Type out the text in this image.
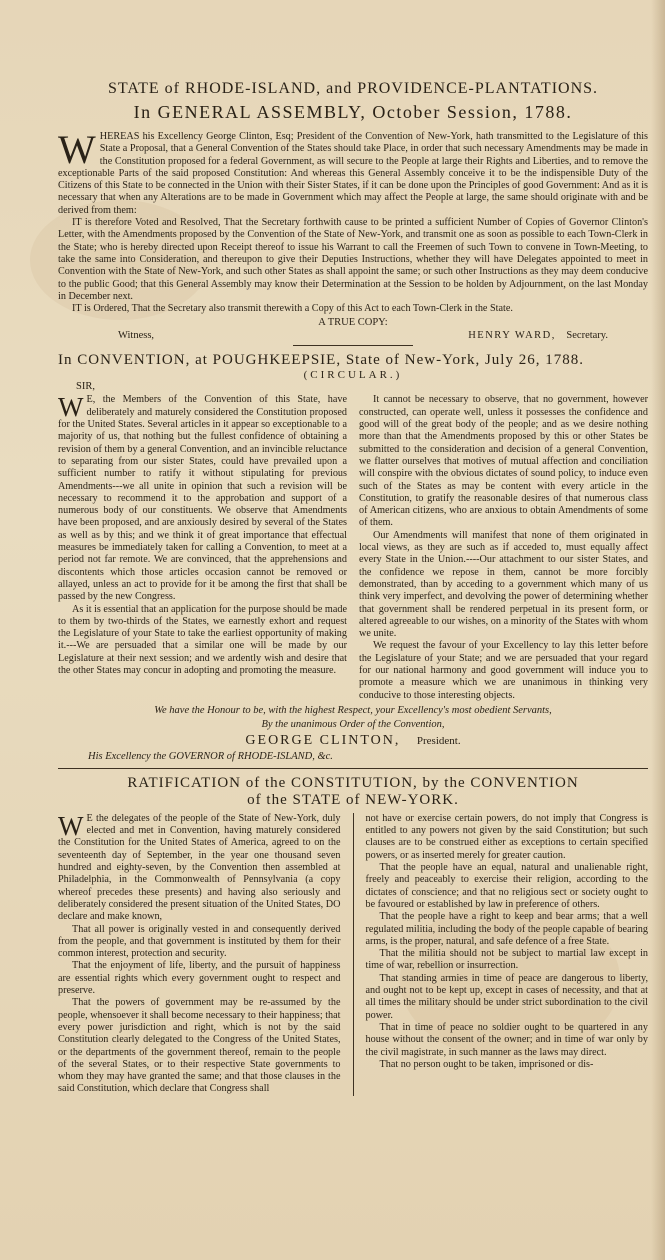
STATE of RHODE-ISLAND, and PROVIDENCE-PLANTATIONS.
In GENERAL ASSEMBLY, October Session, 1788.
W HEREAS his Excellency George Clinton, Esq; President of the Convention of New-York, hath transmitted to the Legislature of this State a Proposal, that a General Convention of the States should take Place, in order that such necessary Amendments may be made in the Constitution proposed for a federal Government, as will secure to the People at large their Rights and Liberties, and to remove the exceptionable Parts of the said proposed Constitution: And whereas this General Assembly conceive it to be the indispensible Duty of the Citizens of this State to be connected in the Union with their Sister States, if it can be done upon the Principles of good Government: And as it is necessary that when any Alterations are to be made in Government which may affect the People at large, the same should originate with and be derived from them:

IT is therefore Voted and Resolved, That the Secretary forthwith cause to be printed a sufficient Number of Copies of Governor Clinton's Letter, with the Amendments proposed by the Convention of the State of New-York, and transmit one as soon as possible to each Town-Clerk in the State; who is hereby directed upon Receipt thereof to issue his Warrant to call the Freemen of such Town to convene in Town-Meeting, to take the same into Consideration, and thereupon to give their Deputies Instructions, whether they will have Delegates appointed to meet in Convention with the State of New-York, and such other States as shall appoint the same; or such other Instructions as they may deem conducive to the public Good; that this General Assembly may know their Determination at the Session to be holden by Adjournment, on the last Monday in December next.

IT is Ordered, That the Secretary also transmit therewith a Copy of this Act to each Town-Clerk in the State.

A TRUE COPY:
Witness,	HENRY WARD, Secretary.
In CONVENTION, at POUGHKEEPSIE, State of New-York, July 26, 1788.
(CIRCULAR.)
SIR,
W E, the Members of the Convention of this State, have deliberately and maturely considered the Constitution proposed for the United States. Several articles in it appear so exceptionable to a majority of us, that nothing but the fullest confidence of obtaining a revision of them by a general Convention, and an invincible reluctance to separating from our sister States, could have prevailed upon a sufficient number to ratify it without stipulating for previous Amendments---we all unite in opinion that such a revision will be necessary to recommend it to the approbation and support of a numerous body of our constituents. We observe that Amendments have been proposed, and are anxiously desired by several of the States as well as by this; and we think it of great importance that effectual measures be immediately taken for calling a Convention, to meet at a period not far remote. We are convinced, that the apprehensions and discontents which those articles occasion cannot be removed or allayed, unless an act to provide for it be among the first that shall be passed by the new Congress.

As it is essential that an application for the purpose should be made to them by two-thirds of the States, we earnestly exhort and request the Legislature of your State to take the earliest opportunity of making it.---We are persuaded that a similar one will be made by our Legislature at their next session; and we ardently wish and desire that the other States may concur in adopting and promoting the measure.

It cannot be necessary to observe, that no government, however constructed, can operate well, unless it possesses the confidence and good will of the great body of the people; and as we desire nothing more than that the Amendments proposed by this or other States be submitted to the consideration and decision of a general Convention, we flatter ourselves that motives of mutual affection and conciliation will conspire with the obvious dictates of sound policy, to induce even such of the States as may be content with every article in the Constitution, to gratify the reasonable desires of that numerous class of American citizens, who are anxious to obtain Amendments of some of them.

Our Amendments will manifest that none of them originated in local views, as they are such as if acceded to, must equally affect every State in the Union.----Our attachment to our sister States, and the confidence we repose in them, cannot be more forcibly demonstrated, than by acceding to a government which many of us think very imperfect, and devolving the power of determining whether that government shall be rendered perpetual in its present form, or altered agreeable to our wishes, on a minority of the States with whom we unite.

We request the favour of your Excellency to lay this letter before the Legislature of your State; and we are persuaded that your regard for our national harmony and good government will induce you to promote a measure which we are unanimous in thinking very conducive to those interesting objects.

We have the Honour to be, with the highest Respect, your Excellency's most obedient Servants,
By the unanimous Order of the Convention,
GEORGE CLINTON, President.
His Excellency the GOVERNOR of RHODE-ISLAND, &c.
RATIFICATION of the CONSTITUTION, by the CONVENTION
of the STATE of NEW-YORK.
W E the delegates of the people of the State of New-York, duly elected and met in Convention, having maturely considered the Constitution for the United States of America, agreed to on the seventeenth day of September, in the year one thousand seven hundred and eighty-seven, by the Convention then assembled at Philadelphia, in the Commonwealth of Pennsylvania (a copy whereof precedes these presents) and having also seriously and deliberately considered the present situation of the United States, DO declare and make known,

That all power is originally vested in and consequently derived from the people, and that government is instituted by them for their common interest, protection and security.

That the enjoyment of life, liberty, and the pursuit of happiness are essential rights which every government ought to respect and preserve.

That the powers of government may be re-assumed by the people, whensoever it shall become necessary to their happiness; that every power jurisdiction and right, which is not by the said Constitution clearly delegated to the Congress of the United States, or the departments of the government thereof, remain to the people of the several States, or to their respective State governments to whom they may have granted the same; and that those clauses in the said Constitution, which declare that Congress shall

not have or exercise certain powers, do not imply that Congress is entitled to any powers not given by the said Constitution; but such clauses are to be construed either as exceptions to certain specified powers, or as inserted merely for greater caution.

That the people have an equal, natural and unalienable right, freely and peaceably to exercise their religion, according to the dictates of conscience; and that no religious sect or society ought to be favoured or established by law in preference of others.

That the people have a right to keep and bear arms; that a well regulated militia, including the body of the people capable of bearing arms, is the proper, natural, and safe defence of a free State.

That the militia should not be subject to martial law except in time of war, rebellion or insurrection.

That standing armies in time of peace are dangerous to liberty, and ought not to be kept up, except in cases of necessity, and that at all times the military should be under strict subordination to the civil power.

That in time of peace no soldier ought to be quartered in any house without the consent of the owner; and in time of war only by the civil magistrate, in such manner as the laws may direct.

That no person ought to be taken, imprisoned or dis-
